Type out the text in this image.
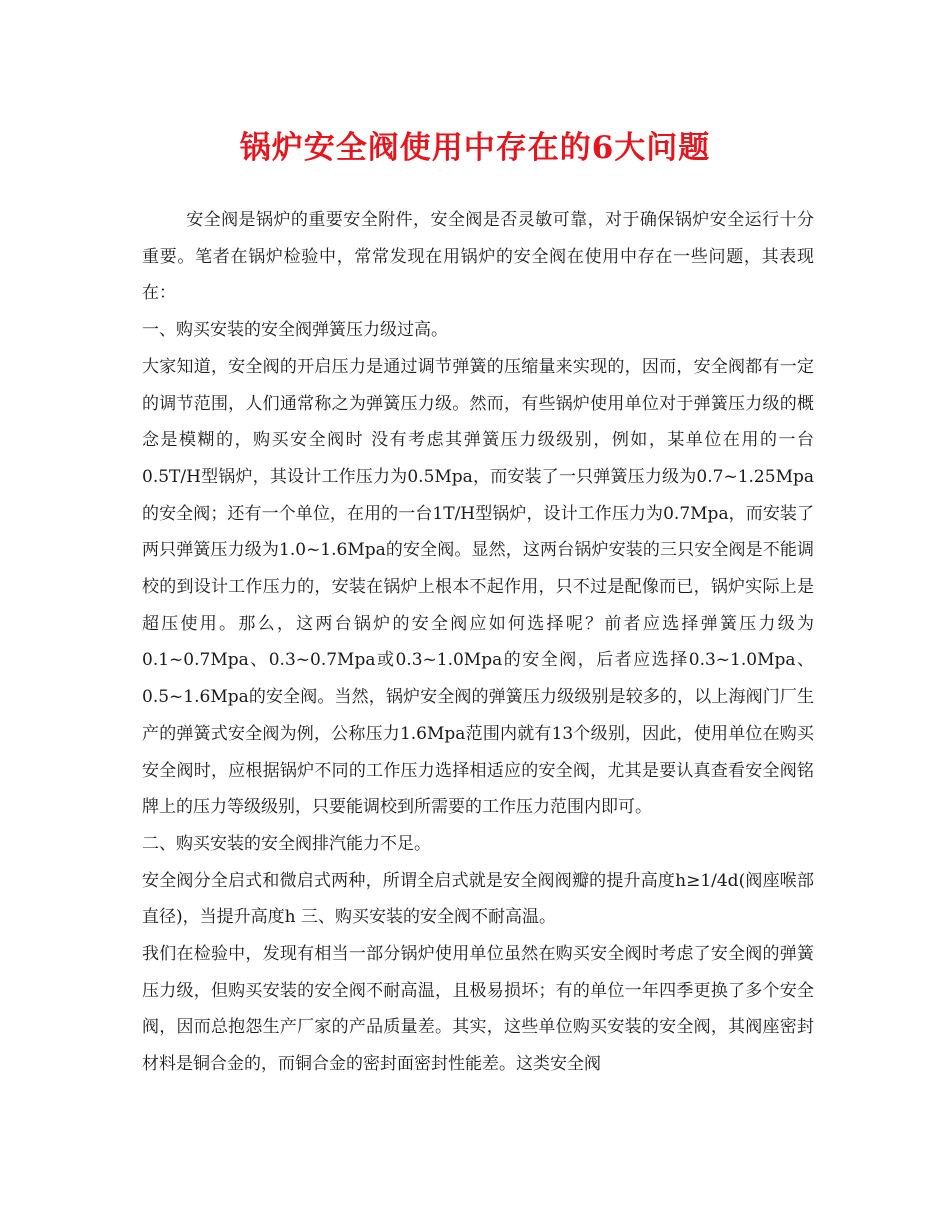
锅炉安全阀使用中存在的6大问题

安全阀是锅炉的重要安全附件，安全阀是否灵敏可靠，对于确保锅炉安全运行十分重要。笔者在锅炉检验中，常常发现在用锅炉的安全阀在使用中存在一些问题，其表现在：

一、购买安装的安全阀弹簧压力级过高。

大家知道，安全阀的开启压力是通过调节弹簧的压缩量来实现的，因而，安全阀都有一定的调节范围，人们通常称之为弹簧压力级。然而，有些锅炉使用单位对于弹簧压力级的概念是模糊的，购买安全阀时 没有考虑其弹簧压力级级别，例如，某单位在用的一台0.5T/H型锅炉，其设计工作压力为0.5Mpa，而安装了一只弹簧压力级为0.7~1.25Mpa的安全阀；还有一个单位，在用的一台1T/H型锅炉，设计工作压力为0.7Mpa，而安装了两只弹簧压力级为1.0~1.6Mpa的安全阀。显然，这两台锅炉安装的三只安全阀是不能调校的到设计工作压力的，安装在锅炉上根本不起作用，只不过是配像而已，锅炉实际上是超压使用。那么，这两台锅炉的安全阀应如何选择呢？前者应选择弹簧压力级为0.1~0.7Mpa、0.3~0.7Mpa或0.3~1.0Mpa的安全阀，后者应选择0.3~1.0Mpa、0.5~1.6Mpa的安全阀。当然，锅炉安全阀的弹簧压力级级别是较多的，以上海阀门厂生产的弹簧式安全阀为例，公称压力1.6Mpa范围内就有13个级别，因此，使用单位在购买安全阀时，应根据锅炉不同的工作压力选择相适应的安全阀，尤其是要认真查看安全阀铭牌上的压力等级级别，只要能调校到所需要的工作压力范围内即可。

二、购买安装的安全阀排汽能力不足。

安全阀分全启式和微启式两种，所谓全启式就是安全阀阀瓣的提升高度h≥1/4d(阀座喉部直径)，当提升高度h 三、购买安装的安全阀不耐高温。

我们在检验中，发现有相当一部分锅炉使用单位虽然在购买安全阀时考虑了安全阀的弹簧压力级，但购买安装的安全阀不耐高温，且极易损坏；有的单位一年四季更换了多个安全阀，因而总抱怨生产厂家的产品质量差。其实，这些单位购买安装的安全阀，其阀座密封材料是铜合金的，而铜合金的密封面密封性能差。这类安全阀
